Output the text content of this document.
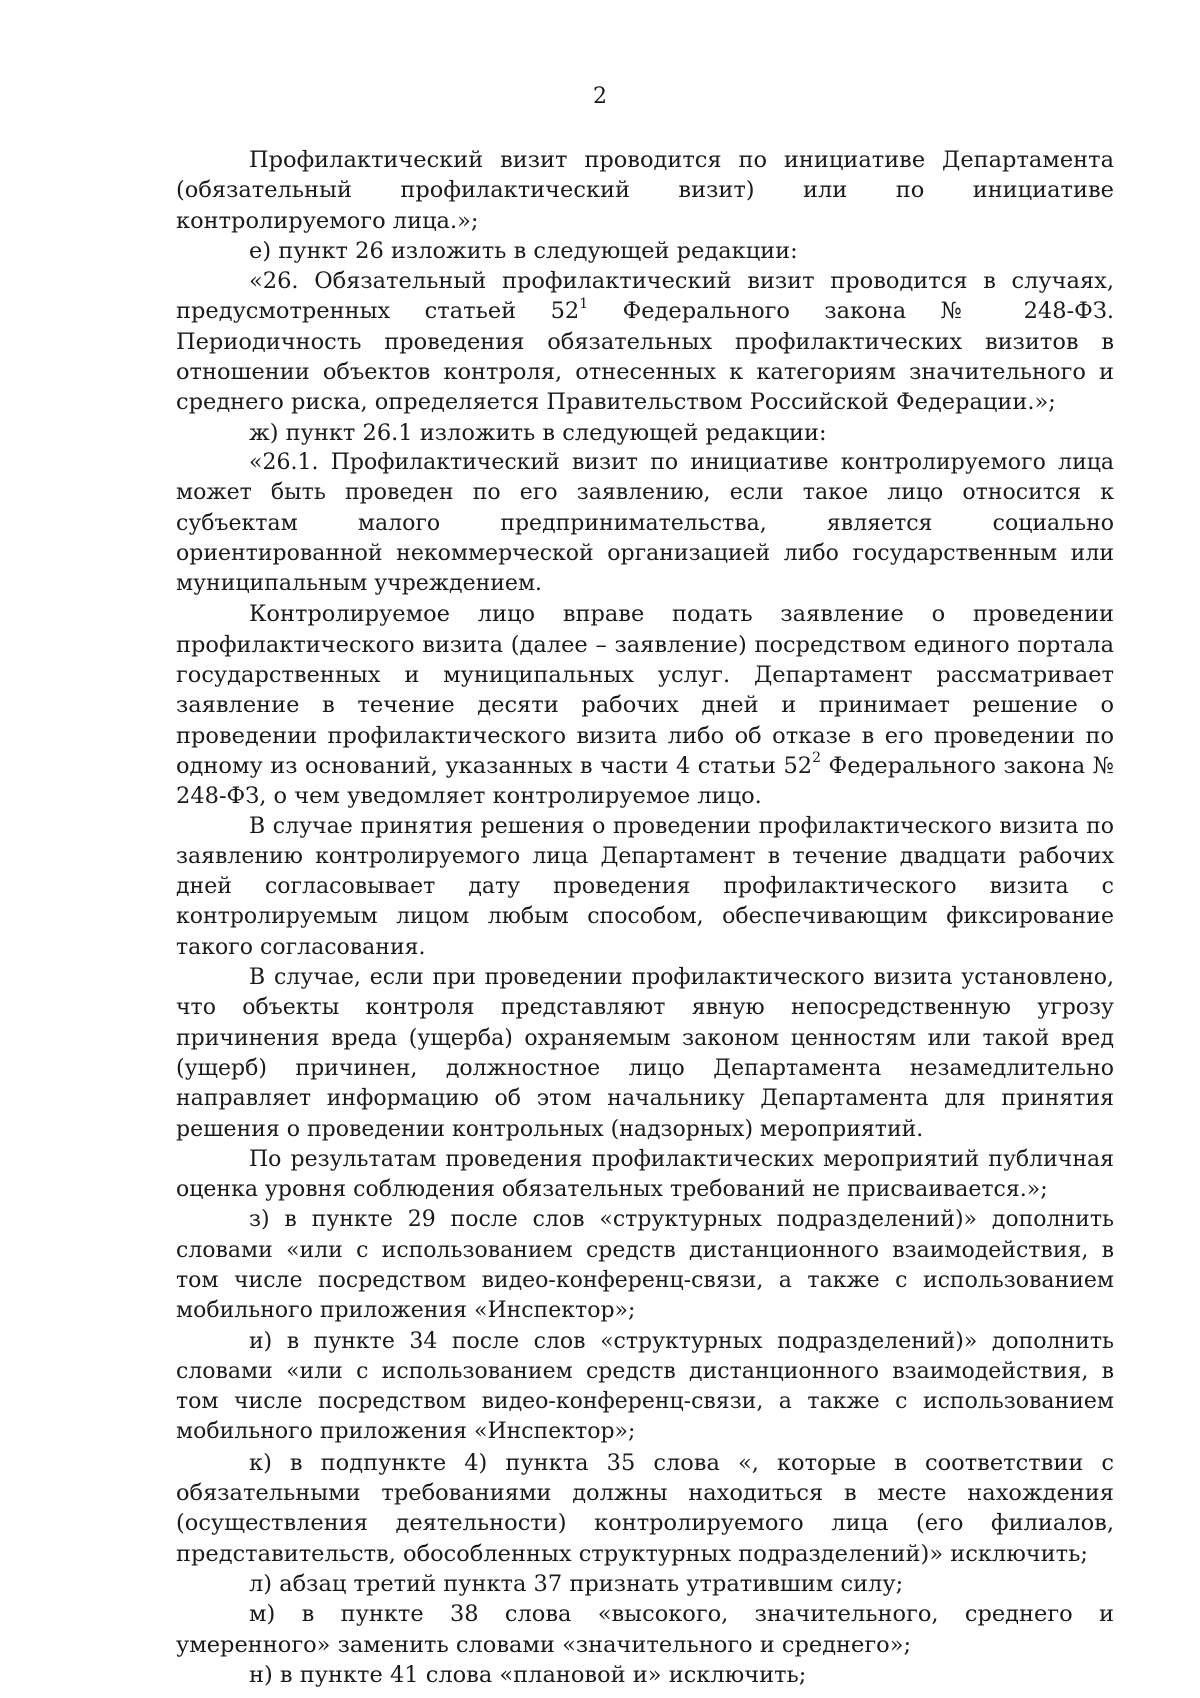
2

Профилактический визит проводится по инициативе Департамента (обязательный профилактический визит) или по инициативе контролируемого лица.»;

е) пункт 26 изложить в следующей редакции:

«26. Обязательный профилактический визит проводится в случаях, предусмотренных статьей $52^1$ Федерального закона № 248-ФЗ. Периодичность проведения обязательных профилактических визитов в отношении объектов контроля, отнесенных к категориям значительного и среднего риска, определяется Правительством Российской Федерации.»;

ж) пункт 26.1 изложить в следующей редакции:

«26.1. Профилактический визит по инициативе контролируемого лица может быть проведен по его заявлению, если такое лицо относится к субъектам малого предпринимательства, является социально ориентированной некоммерческой организацией либо государственным или муниципальным учреждением.

Контролируемое лицо вправе подать заявление о проведении профилактического визита (далее – заявление) посредством единого портала государственных и муниципальных услуг. Департамент рассматривает заявление в течение десяти рабочих дней и принимает решение о проведении профилактического визита либо об отказе в его проведении по одному из оснований, указанных в части 4 статьи $52^2$ Федерального закона № 248-ФЗ, о чем уведомляет контролируемое лицо.

В случае принятия решения о проведении профилактического визита по заявлению контролируемого лица Департамент в течение двадцати рабочих дней согласовывает дату проведения профилактического визита с контролируемым лицом любым способом, обеспечивающим фиксирование такого согласования.

В случае, если при проведении профилактического визита установлено, что объекты контроля представляют явную непосредственную угрозу причинения вреда (ущерба) охраняемым законом ценностям или такой вред (ущерб) причинен, должностное лицо Департамента незамедлительно направляет информацию об этом начальнику Департамента для принятия решения о проведении контрольных (надзорных) мероприятий.

По результатам проведения профилактических мероприятий публичная оценка уровня соблюдения обязательных требований не присваивается.»;

з) в пункте 29 после слов «структурных подразделений)» дополнить словами «или с использованием средств дистанционного взаимодействия, в том числе посредством видео-конференц-связи, а также с использованием мобильного приложения «Инспектор»;

и) в пункте 34 после слов «структурных подразделений)» дополнить словами «или с использованием средств дистанционного взаимодействия, в том числе посредством видео-конференц-связи, а также с использованием мобильного приложения «Инспектор»;

к) в подпункте 4) пункта 35 слова «, которые в соответствии с обязательными требованиями должны находиться в месте нахождения (осуществления деятельности) контролируемого лица (его филиалов, представительств, обособленных структурных подразделений)» исключить;

л) абзац третий пункта 37 признать утратившим силу;

м) в пункте 38 слова «высокого, значительного, среднего и умеренного» заменить словами «значительного и среднего»;

н) в пункте 41 слова «плановой и» исключить;
